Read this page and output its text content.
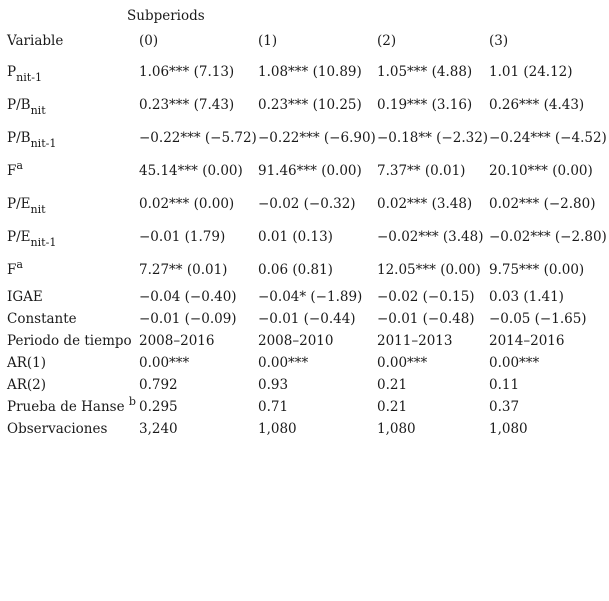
Subperiods				
Variable	(0)	(1)	(2)	(3)
$P_{nit-1}$	1.06*** (7.13)	1.08*** (10.89)	1.05*** (4.88)	1.01 (24.12)
$P/B_{nit}$	0.23*** (7.43)	0.23*** (10.25)	0.19*** (3.16)	0.26*** (4.43)
$P/B_{nit-1}$	−0.22*** (−5.72)	−0.22*** (−6.90)	−0.18** (−2.32)	−0.24*** (−4.52)
$F^a$	45.14*** (0.00)	91.46*** (0.00)	7.37** (0.01)	20.10*** (0.00)
$P/E_{nit}$	0.02*** (0.00)	−0.02 (−0.32)	0.02*** (3.48)	0.02*** (−2.80)
$P/E_{nit-1}$	−0.01 (1.79)	0.01 (0.13)	−0.02*** (3.48)	−0.02*** (−2.80)
$F^a$	7.27** (0.01)	0.06 (0.81)	12.05*** (0.00)	9.75*** (0.00)
IGAE	−0.04 (−0.40)	−0.04* (−1.89)	−0.02 (−0.15)	0.03 (1.41)
Constante	−0.01 (−0.09)	−0.01 (−0.44)	−0.01 (−0.48)	−0.05 (−1.65)
Periodo de tiempo	2008–2016	2008–2010	2011–2013	2014–2016
AR(1)	0.00***	0.00***	0.00***	0.00***
AR(2)	0.792	0.93	0.21	0.11
Prueba de Hanse $^b$	0.295	0.71	0.21	0.37
Observaciones	3,240	1,080	1,080	1,080
